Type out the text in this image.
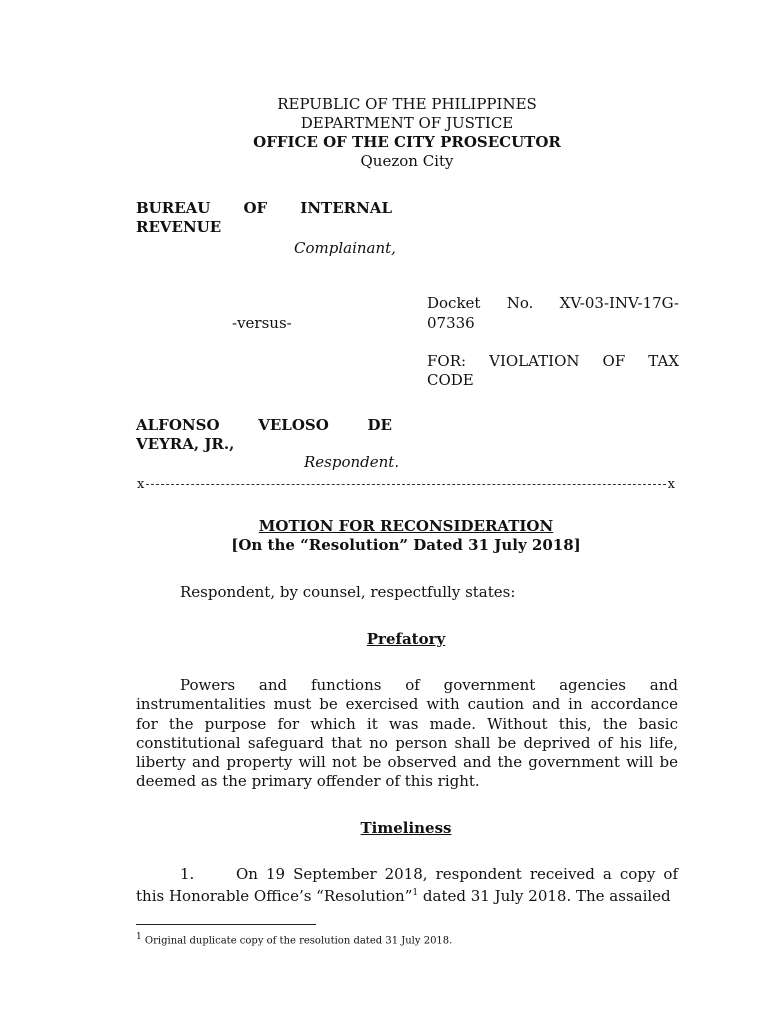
REPUBLIC OF THE PHILIPPINES
DEPARTMENT OF JUSTICE
OFFICE OF THE CITY PROSECUTOR
Quezon City
BUREAU OF INTERNAL
REVENUE
Complainant,
-versus-
Docket No. XV-03-INV-17G-
07336
FOR: VIOLATION OF TAX
CODE
ALFONSO VELOSO DE
VEYRA, JR.,
Respondent.
x	x
MOTION FOR RECONSIDERATION
[On the “Resolution” Dated 31 July 2018]
Respondent, by counsel, respectfully states:
Prefatory
Powers and functions of government agencies and instrumentalities must be exercised with caution and in accordance for the purpose for which it was made. Without this, the basic constitutional safeguard that no person shall be deprived of his life, liberty and property will not be observed and the government will be deemed as the primary offender of this right.
Timeliness
1.	On 19 September 2018, respondent received a copy of this Honorable Office’s “Resolution”$^1$ dated 31 July 2018. The assailed
$^1$ Original duplicate copy of the resolution dated 31 July 2018.
